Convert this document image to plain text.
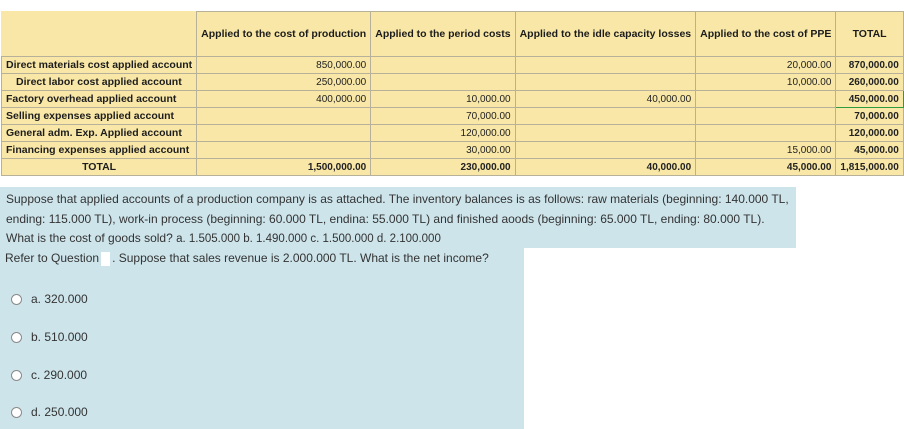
	Applied to the cost of production	Applied to the period costs	Applied to the idle capacity losses	Applied to the cost of PPE	TOTAL
Direct materials cost applied account	850,000.00			20,000.00	870,000.00
Direct labor cost applied account	250,000.00			10,000.00	260,000.00
Factory overhead applied account	400,000.00	10,000.00	40,000.00		450,000.00
Selling expenses applied account		70,000.00			70,000.00
General adm. Exp. Applied account		120,000.00			120,000.00
Financing expenses applied account		30,000.00		15,000.00	45,000.00
TOTAL	1,500,000.00	230,000.00	40,000.00	45,000.00	1,815,000.00
Suppose that applied accounts of a production company is as attached. The inventory balances is as follows: raw materials (beginning: 140.000 TL, ending: 115.000 TL), work-in process (beginning: 60.000 TL, endina: 55.000 TL) and finished aoods (beginning: 65.000 TL, ending: 80.000 TL). What is the cost of goods sold? a. 1.505.000 b. 1.490.000 c. 1.500.000 d. 2.100.000
Refer to Question . Suppose that sales revenue is 2.000.000 TL. What is the net income?
a. 320.000
b. 510.000
c. 290.000
d. 250.000
